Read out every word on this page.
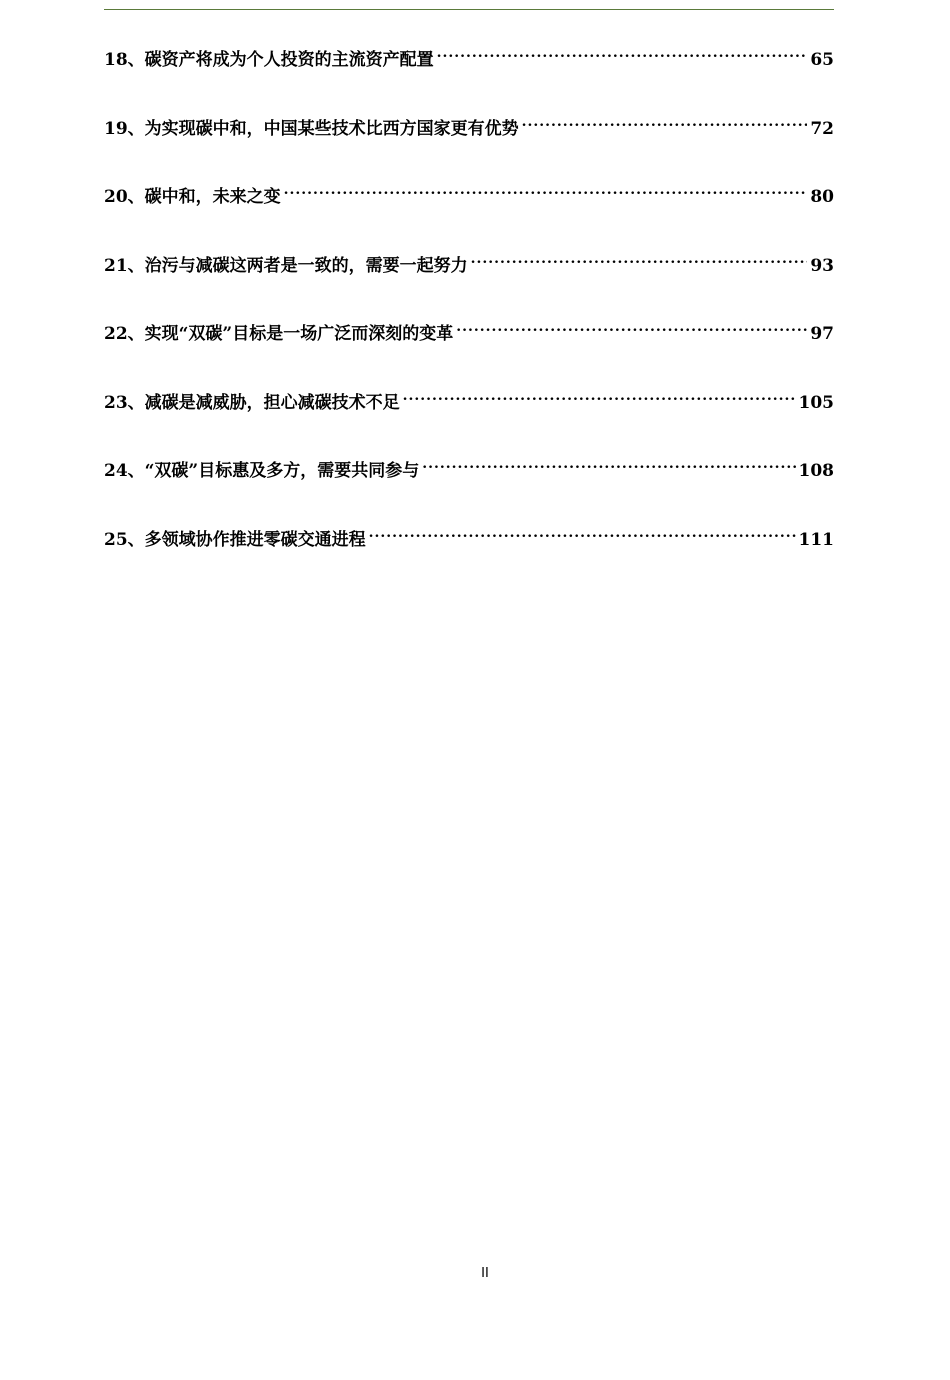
18、碳资产将成为个人投资的主流资产配置 .....	65
19、为实现碳中和，中国某些技术比西方国家更有优势 .....	72
20、碳中和，未来之变 .....	80
21、治污与减碳这两者是一致的，需要一起努力 .....	93
22、实现“双碳”目标是一场广泛而深刻的变革 .....	97
23、减碳是减威胁，担心减碳技术不足 .....	105
24、“双碳”目标惠及多方，需要共同参与 .....	108
25、多领域协作推进零碳交通进程 .....	111
II
